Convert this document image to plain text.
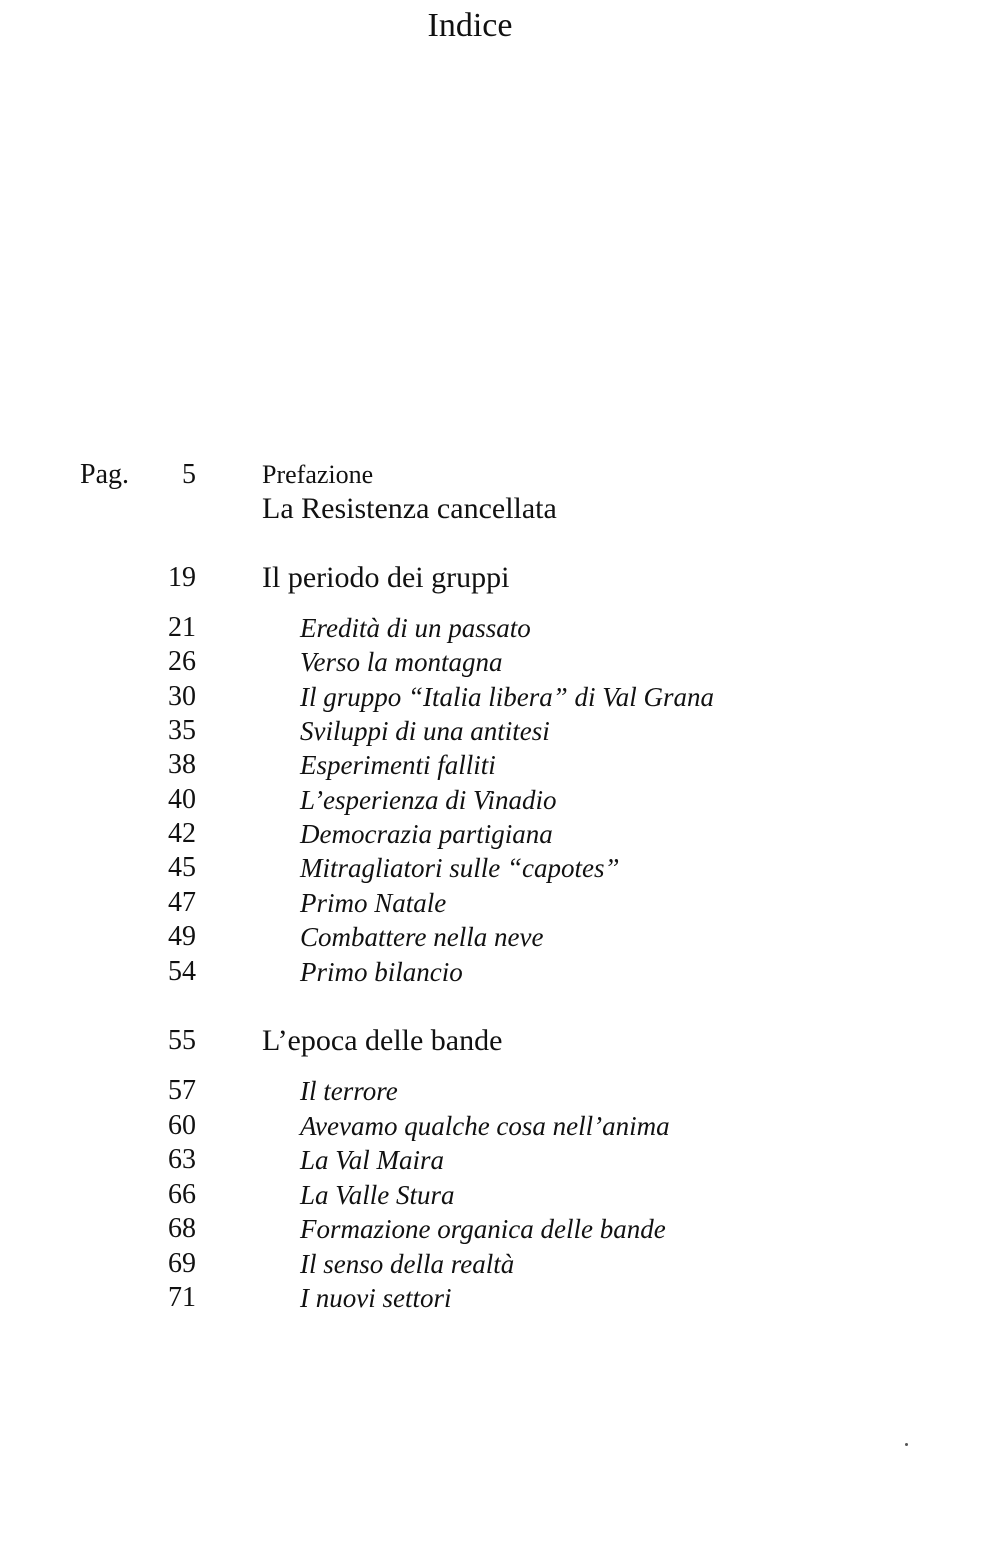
Indice
Pag.	5	Prefazione
La Resistenza cancellata
19 Il periodo dei gruppi
21	Eredità di un passato
26	Verso la montagna
30	Il gruppo “Italia libera” di Val Grana
35	Sviluppi di una antitesi
38	Esperimenti falliti
40	L’esperienza di Vinadio
42	Democrazia partigiana
45	Mitragliatori sulle “capotes”
47	Primo Natale
49	Combattere nella neve
54	Primo bilancio
55 L’epoca delle bande
57	Il terrore
60	Avevamo qualche cosa nell’anima
63	La Val Maira
66	La Valle Stura
68	Formazione organica delle bande
69	Il senso della realtà
71	I nuovi settori
